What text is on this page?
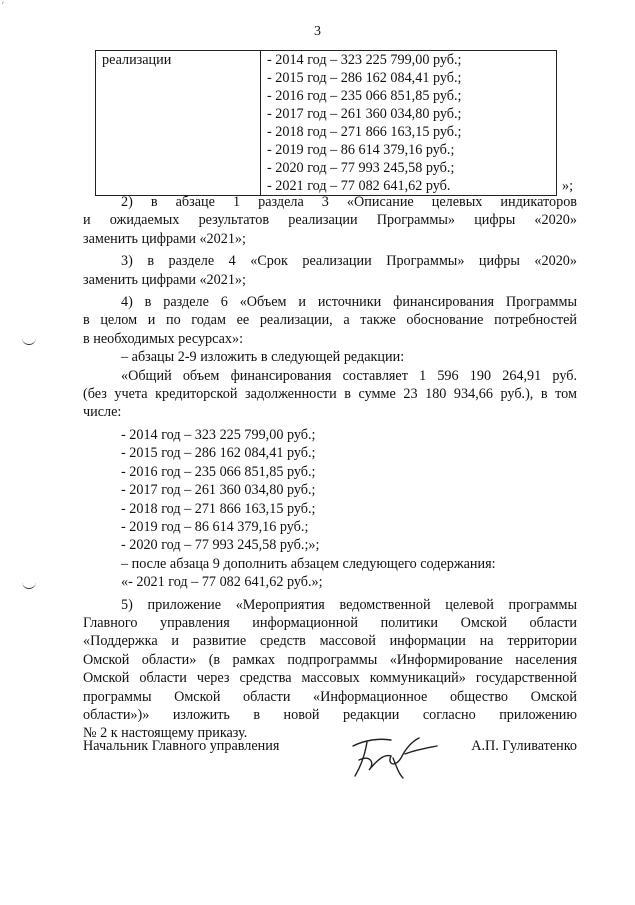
ʹ
3
реализации	- 2014 год – 323 225 799,00 руб.;
- 2015 год – 286 162 084,41 руб.;
- 2016 год – 235 066 851,85 руб.;
- 2017 год – 261 360 034,80 руб.;
- 2018 год – 271 866 163,15 руб.;
- 2019 год – 86 614 379,16 руб.;
- 2020 год – 77 993 245,58 руб.;
- 2021 год – 77 082 641,62 руб.	»;

2) в абзаце 1 раздела 3 «Описание целевых индикаторов

и ожидаемых результатов реализации Программы» цифры «2020»

заменить цифрами «2021»;

3) в разделе 4 «Срок реализации Программы» цифры «2020»

заменить цифрами «2021»;

4) в разделе 6 «Объем и источники финансирования Программы

в целом и по годам ее реализации, а также обоснование потребностей

в необходимых ресурсах»:

– абзацы 2-9 изложить в следующей редакции:

«Общий объем финансирования составляет 1 596 190 264,91 руб.

(без учета кредиторской задолженности в сумме 23 180 934,66 руб.), в том

числе:

- 2014 год – 323 225 799,00 руб.;

- 2015 год – 286 162 084,41 руб.;

- 2016 год – 235 066 851,85 руб.;

- 2017 год – 261 360 034,80 руб.;

- 2018 год – 271 866 163,15 руб.;

- 2019 год – 86 614 379,16 руб.;

- 2020 год – 77 993 245,58 руб.;»;

– после абзаца 9 дополнить абзацем следующего содержания:

«- 2021 год – 77 082 641,62 руб.»;

5) приложение «Мероприятия ведомственной целевой программы

Главного управления информационной политики Омской области

«Поддержка и развитие средств массовой информации на территории

Омской области» (в рамках подпрограммы «Информирование населения

Омской области через средства массовых коммуникаций» государственной

программы Омской области «Информационное общество Омской

области»)» изложить в новой редакции согласно приложению

№ 2 к настоящему приказу.

Начальник Главного управления	А.П. Гуливатенко
